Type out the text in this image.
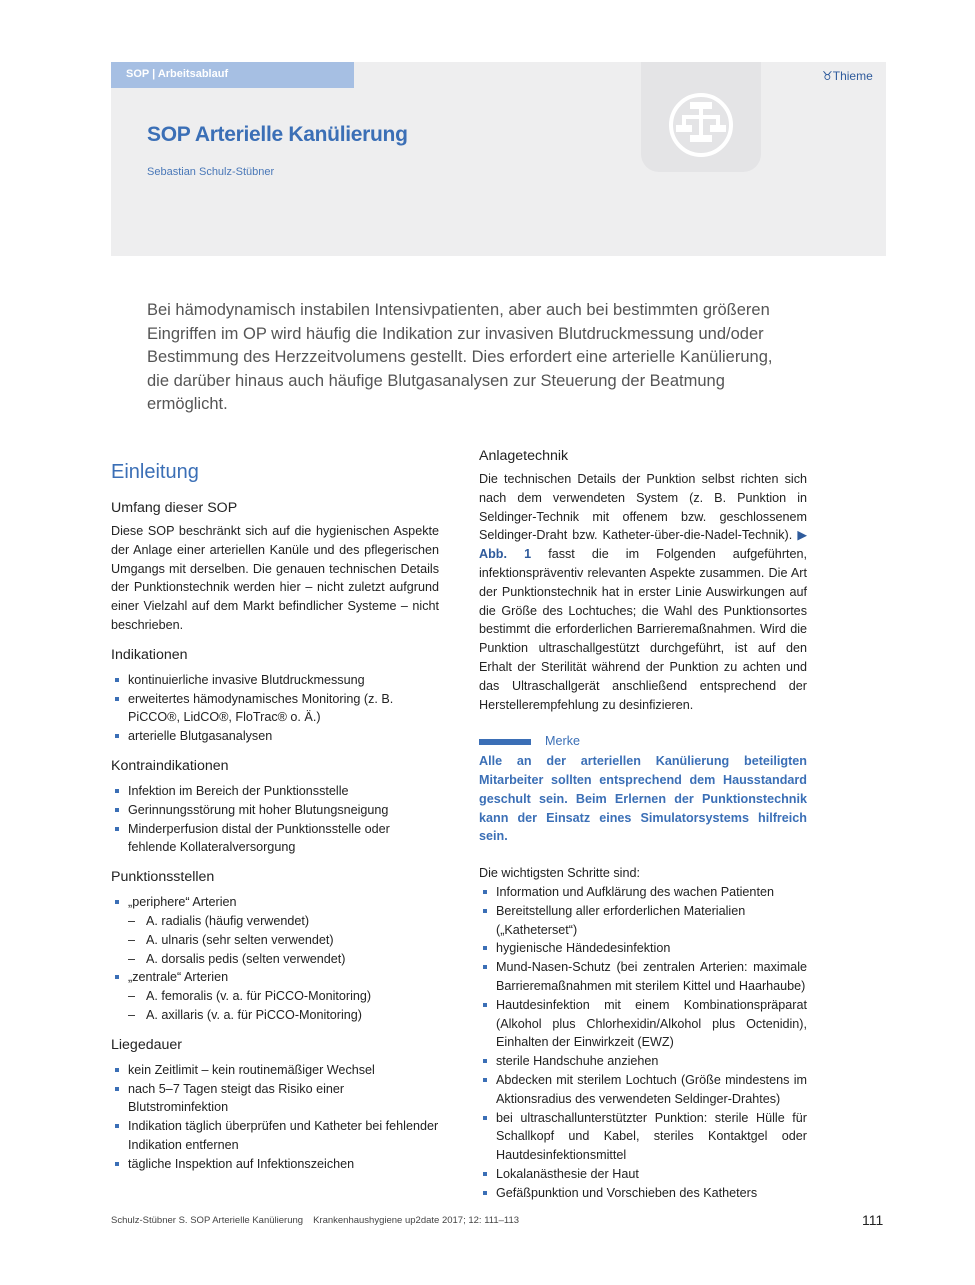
SOP | Arbeitsablauf	♉Thieme
SOP Arterielle Kanülierung
Sebastian Schulz-Stübner

Bei hämodynamisch instabilen Intensivpatienten, aber auch bei bestimmten größeren Eingriffen im OP wird häufig die Indikation zur invasiven Blutdruckmessung und/oder Bestimmung des Herzzeitvolumens gestellt. Dies erfordert eine arterielle Kanülierung, die darüber hinaus auch häufige Blutgasanalysen zur Steuerung der Beatmung ermöglicht.

Einleitung
Umfang dieser SOP

Diese SOP beschränkt sich auf die hygienischen Aspekte der Anlage einer arteriellen Kanüle und des pflegerischen Umgangs mit derselben. Die genauen technischen Details der Punktionstechnik werden hier – nicht zuletzt aufgrund einer Vielzahl auf dem Markt befindlicher Systeme – nicht beschrieben.

Indikationen
kontinuierliche invasive Blutdruckmessung
erweitertes hämodynamisches Monitoring (z. B. PiCCO®, LidCO®, FloTrac® o. Ä.)
arterielle Blutgasanalysen
Kontraindikationen
Infektion im Bereich der Punktionsstelle
Gerinnungsstörung mit hoher Blutungsneigung
Minderperfusion distal der Punktionsstelle oder fehlende Kollateralversorgung
Punktionsstellen
„periphere“ Arterien
– A. radialis (häufig verwendet)
– A. ulnaris (sehr selten verwendet)
– A. dorsalis pedis (selten verwendet)
„zentrale“ Arterien
– A. femoralis (v. a. für PiCCO-Monitoring)
– A. axillaris (v. a. für PiCCO-Monitoring)
Liegedauer
kein Zeitlimit – kein routinemäßiger Wechsel
nach 5–7 Tagen steigt das Risiko einer Blutstrominfektion
Indikation täglich überprüfen und Katheter bei fehlender Indikation entfernen
tägliche Inspektion auf Infektionszeichen
Anlagetechnik

Die technischen Details der Punktion selbst richten sich nach dem verwendeten System (z. B. Punktion in Seldinger-Technik mit offenem bzw. geschlossenem Seldinger-Draht bzw. Katheter-über-die-Nadel-Technik). ▶ Abb. 1 fasst die im Folgenden aufgeführten, infektionspräventiv relevanten Aspekte zusammen. Die Art der Punktionstechnik hat in erster Linie Auswirkungen auf die Größe des Lochtuches; die Wahl des Punktionsortes bestimmt die erforderlichen Barrieremaßnahmen. Wird die Punktion ultraschallgestützt durchgeführt, ist auf den Erhalt der Sterilität während der Punktion zu achten und das Ultraschallgerät anschließend entsprechend der Herstellerempfehlung zu desinfizieren.

Merke

Alle an der arteriellen Kanülierung beteiligten Mitarbeiter sollten entsprechend dem Hausstandard geschult sein. Beim Erlernen der Punktionstechnik kann der Einsatz eines Simulatorsystems hilfreich sein.

Die wichtigsten Schritte sind:

Information und Aufklärung des wachen Patienten
Bereitstellung aller erforderlichen Materialien („Katheterset“)
hygienische Händedesinfektion
Mund-Nasen-Schutz (bei zentralen Arterien: maximale Barrieremaßnahmen mit sterilem Kittel und Haarhaube)
Hautdesinfektion mit einem Kombinationspräparat (Alkohol plus Chlorhexidin/Alkohol plus Octenidin), Einhalten der Einwirkzeit (EWZ)
sterile Handschuhe anziehen
Abdecken mit sterilem Lochtuch (Größe mindestens im Aktionsradius des verwendeten Seldinger-Drahtes)
bei ultraschallunterstützter Punktion: sterile Hülle für Schallkopf und Kabel, steriles Kontaktgel oder Hautdesinfektionsmittel
Lokalanästhesie der Haut
Gefäßpunktion und Vorschieben des Katheters
Schulz-Stübner S. SOP Arterielle Kanülierung Krankenhaushygiene up2date 2017; 12: 111–113	111
